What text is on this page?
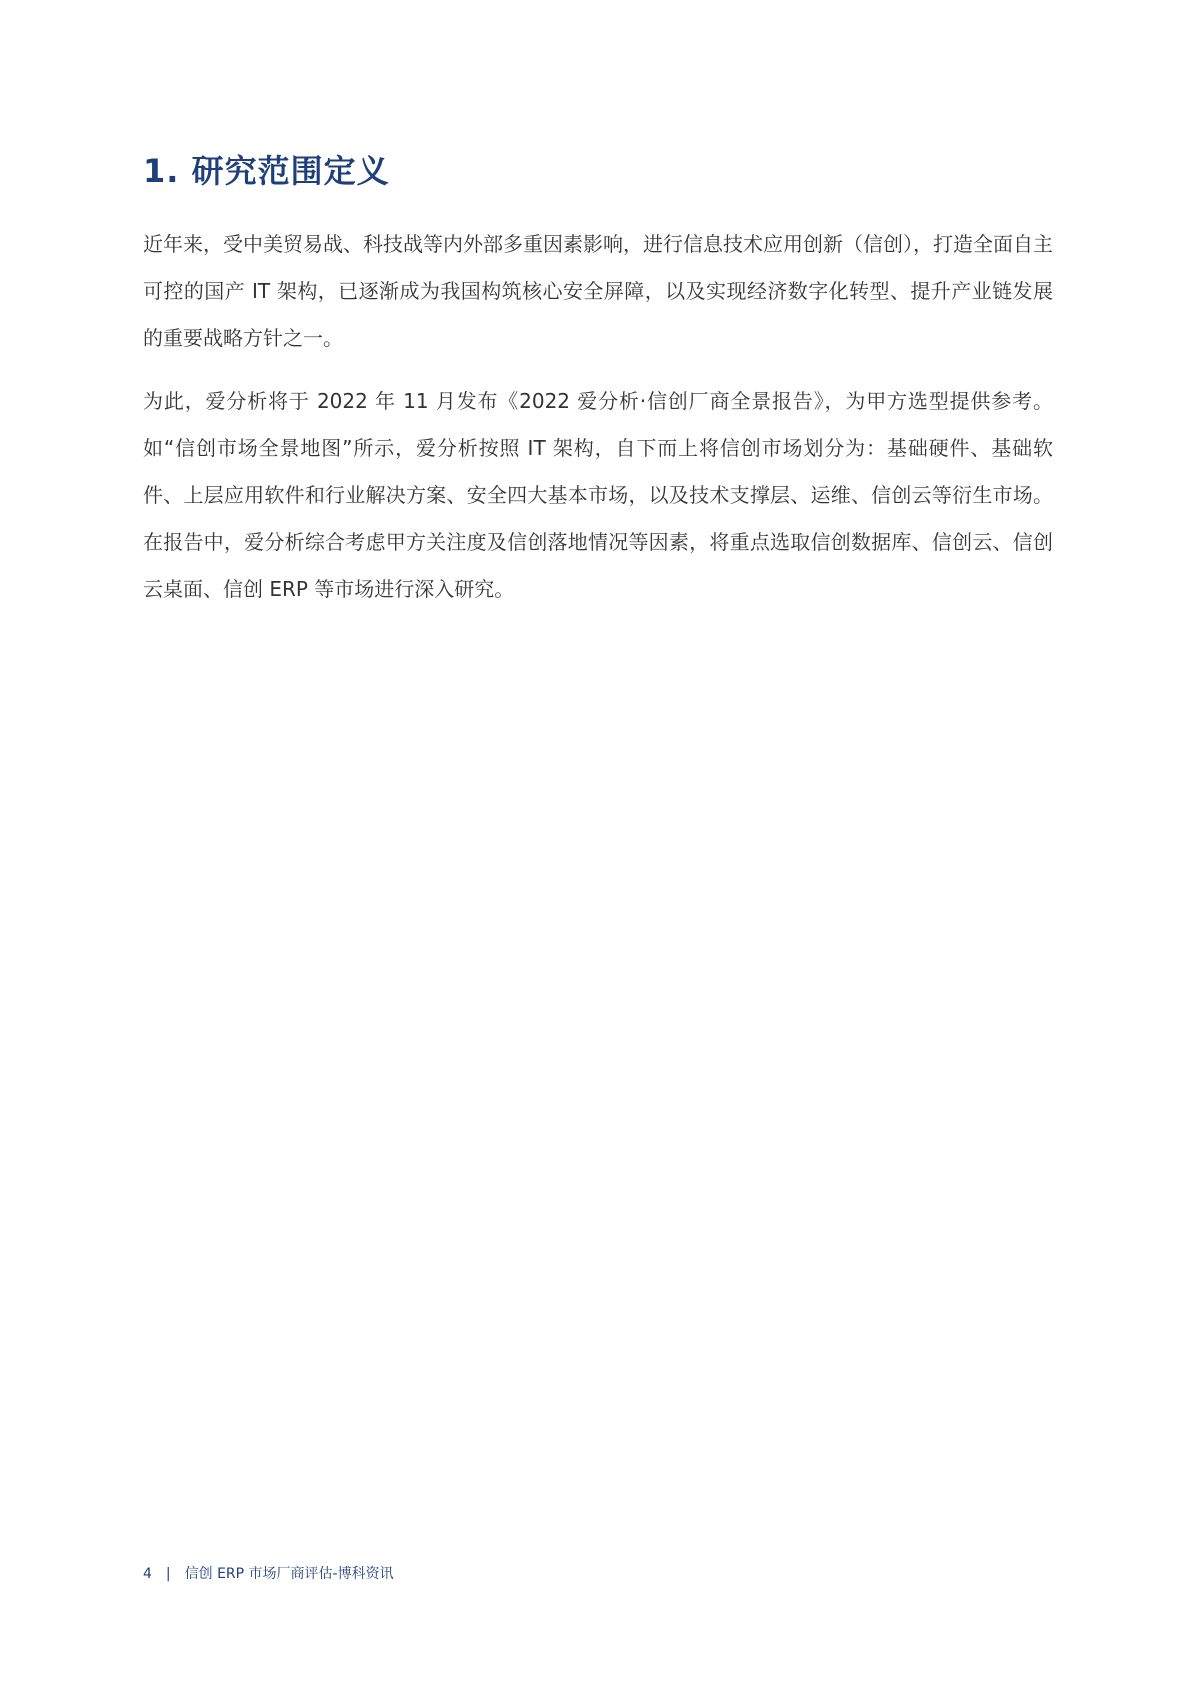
1. 研究范围定义

近年来，受中美贸易战、科技战等内外部多重因素影响，进行信息技术应用创新（信创），打造全面自主可控的国产 IT 架构，已逐渐成为我国构筑核心安全屏障，以及实现经济数字化转型、提升产业链发展的重要战略方针之一。

为此，爱分析将于 2022 年 11 月发布《2022 爱分析·信创厂商全景报告》，为甲方选型提供参考。如“信创市场全景地图”所示，爱分析按照 IT 架构，自下而上将信创市场划分为：基础硬件、基础软件、上层应用软件和行业解决方案、安全四大基本市场，以及技术支撑层、运维、信创云等衍生市场。在报告中，爱分析综合考虑甲方关注度及信创落地情况等因素，将重点选取信创数据库、信创云、信创云桌面、信创 ERP 等市场进行深入研究。

4 | 信创 ERP 市场厂商评估-博科资讯
